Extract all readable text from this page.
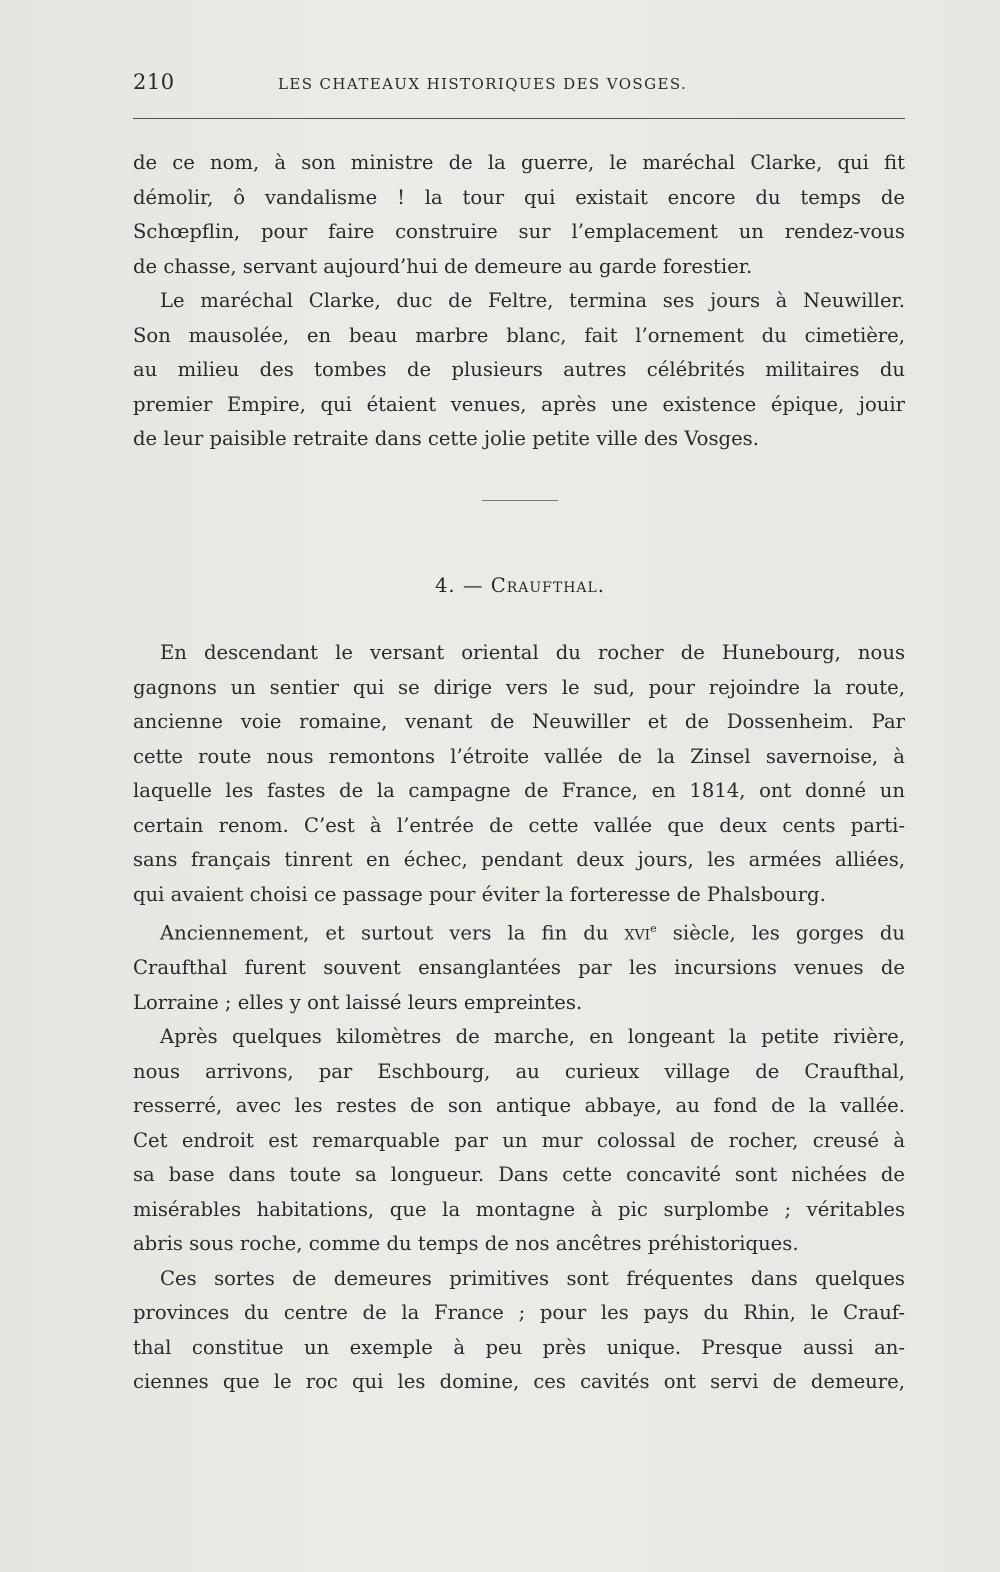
210	LES CHATEAUX HISTORIQUES DES VOSGES.

de ce nom, à son ministre de la guerre, le maréchal Clarke, qui fit

démolir, ô vandalisme ! la tour qui existait encore du temps de

Schœpflin, pour faire construire sur l’emplacement un rendez-vous

de chasse, servant aujourd’hui de demeure au garde forestier.

Le maréchal Clarke, duc de Feltre, termina ses jours à Neuwiller.

Son mausolée, en beau marbre blanc, fait l’ornement du cimetière,

au milieu des tombes de plusieurs autres célébrités militaires du

premier Empire, qui étaient venues, après une existence épique, jouir

de leur paisible retraite dans cette jolie petite ville des Vosges.

4. — Craufthal.

En descendant le versant oriental du rocher de Hunebourg, nous

gagnons un sentier qui se dirige vers le sud, pour rejoindre la route,

ancienne voie romaine, venant de Neuwiller et de Dossenheim. Par

cette route nous remontons l’étroite vallée de la Zinsel savernoise, à

laquelle les fastes de la campagne de France, en 1814, ont donné un

certain renom. C’est à l’entrée de cette vallée que deux cents parti-

sans français tinrent en échec, pendant deux jours, les armées alliées,

qui avaient choisi ce passage pour éviter la forteresse de Phalsbourg.

Anciennement, et surtout vers la fin du xvi$^e$ siècle, les gorges du

Craufthal furent souvent ensanglantées par les incursions venues de

Lorraine ; elles y ont laissé leurs empreintes.

Après quelques kilomètres de marche, en longeant la petite rivière,

nous arrivons, par Eschbourg, au curieux village de Craufthal,

resserré, avec les restes de son antique abbaye, au fond de la vallée.

Cet endroit est remarquable par un mur colossal de rocher, creusé à

sa base dans toute sa longueur. Dans cette concavité sont nichées de

misérables habitations, que la montagne à pic surplombe ; véritables

abris sous roche, comme du temps de nos ancêtres préhistoriques.

Ces sortes de demeures primitives sont fréquentes dans quelques

provinces du centre de la France ; pour les pays du Rhin, le Crauf-

thal constitue un exemple à peu près unique. Presque aussi an-

ciennes que le roc qui les domine, ces cavités ont servi de demeure,
